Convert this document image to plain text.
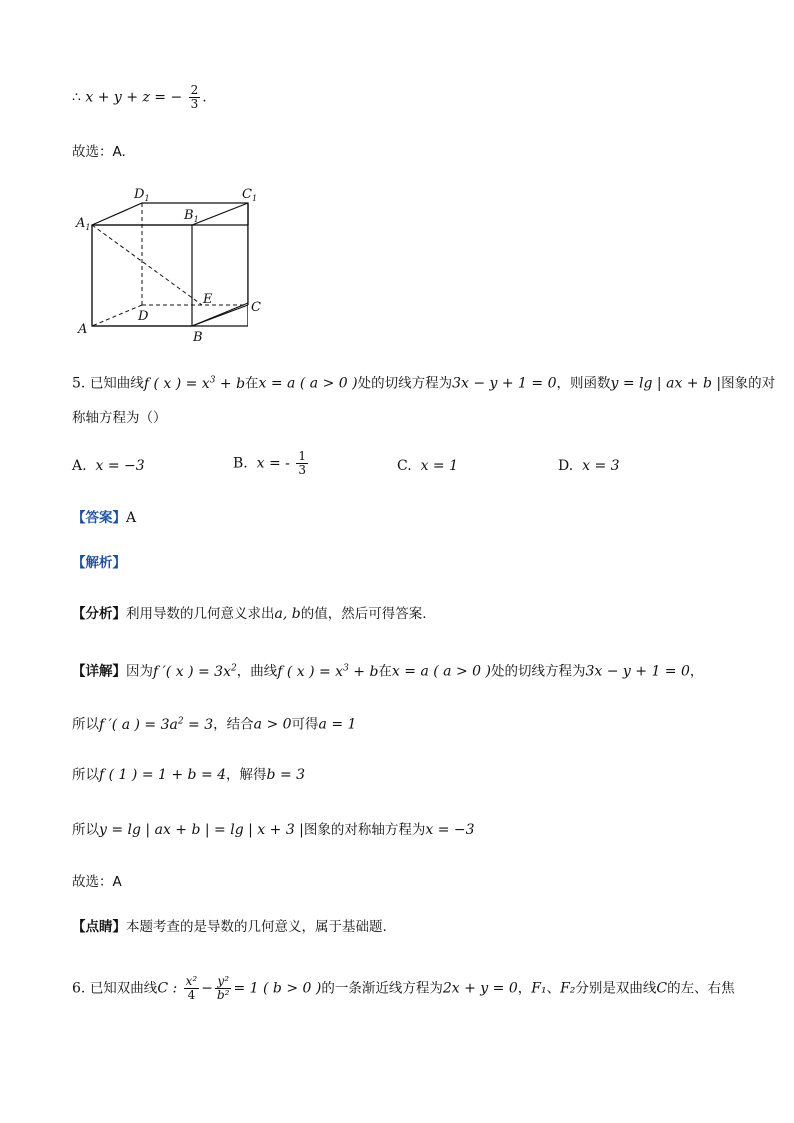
∴ x + y + z = − $\frac{2}{3}$ .
故选：A.
$A_1$
$D_1$	$C_1$
$B_1$
A
B
C
D
E
5. 已知曲线f ( x ) = $x^3 + b$在x = a ( a > 0 )处的切线方程为3x − y + 1 = 0，则函数y = lg | ax + b |图象的对
称轴方程为（）
A. x = −3	B. x = - $\frac{1}{3}$	C. x = 1	D. x = 3
【答案】A
【解析】
【分析】利用导数的几何意义求出a, b的值，然后可得答案.
【详解】因为f ′( x ) = $3x^2$，曲线f ( x ) = $x^3 + b$在x = a ( a > 0 )处的切线方程为3x − y + 1 = 0，
所以f ′( a ) = $3a^2 = 3$，结合a > 0可得a = 1
所以f ( 1 ) = 1 + b = 4，解得b = 3
所以y = lg | ax + b | = lg | x + 3 |图象的对称轴方程为x = −3
故选：A
【点睛】本题考查的是导数的几何意义，属于基础题.
6. 已知双曲线C : $\frac{\text{x²}}{4} - \frac{\text{y²}}{\text{b²}} = 1$ ( b > 0 )的一条渐近线方程为2x + y = 0，F₁、F₂分别是双曲线C的左、右焦
